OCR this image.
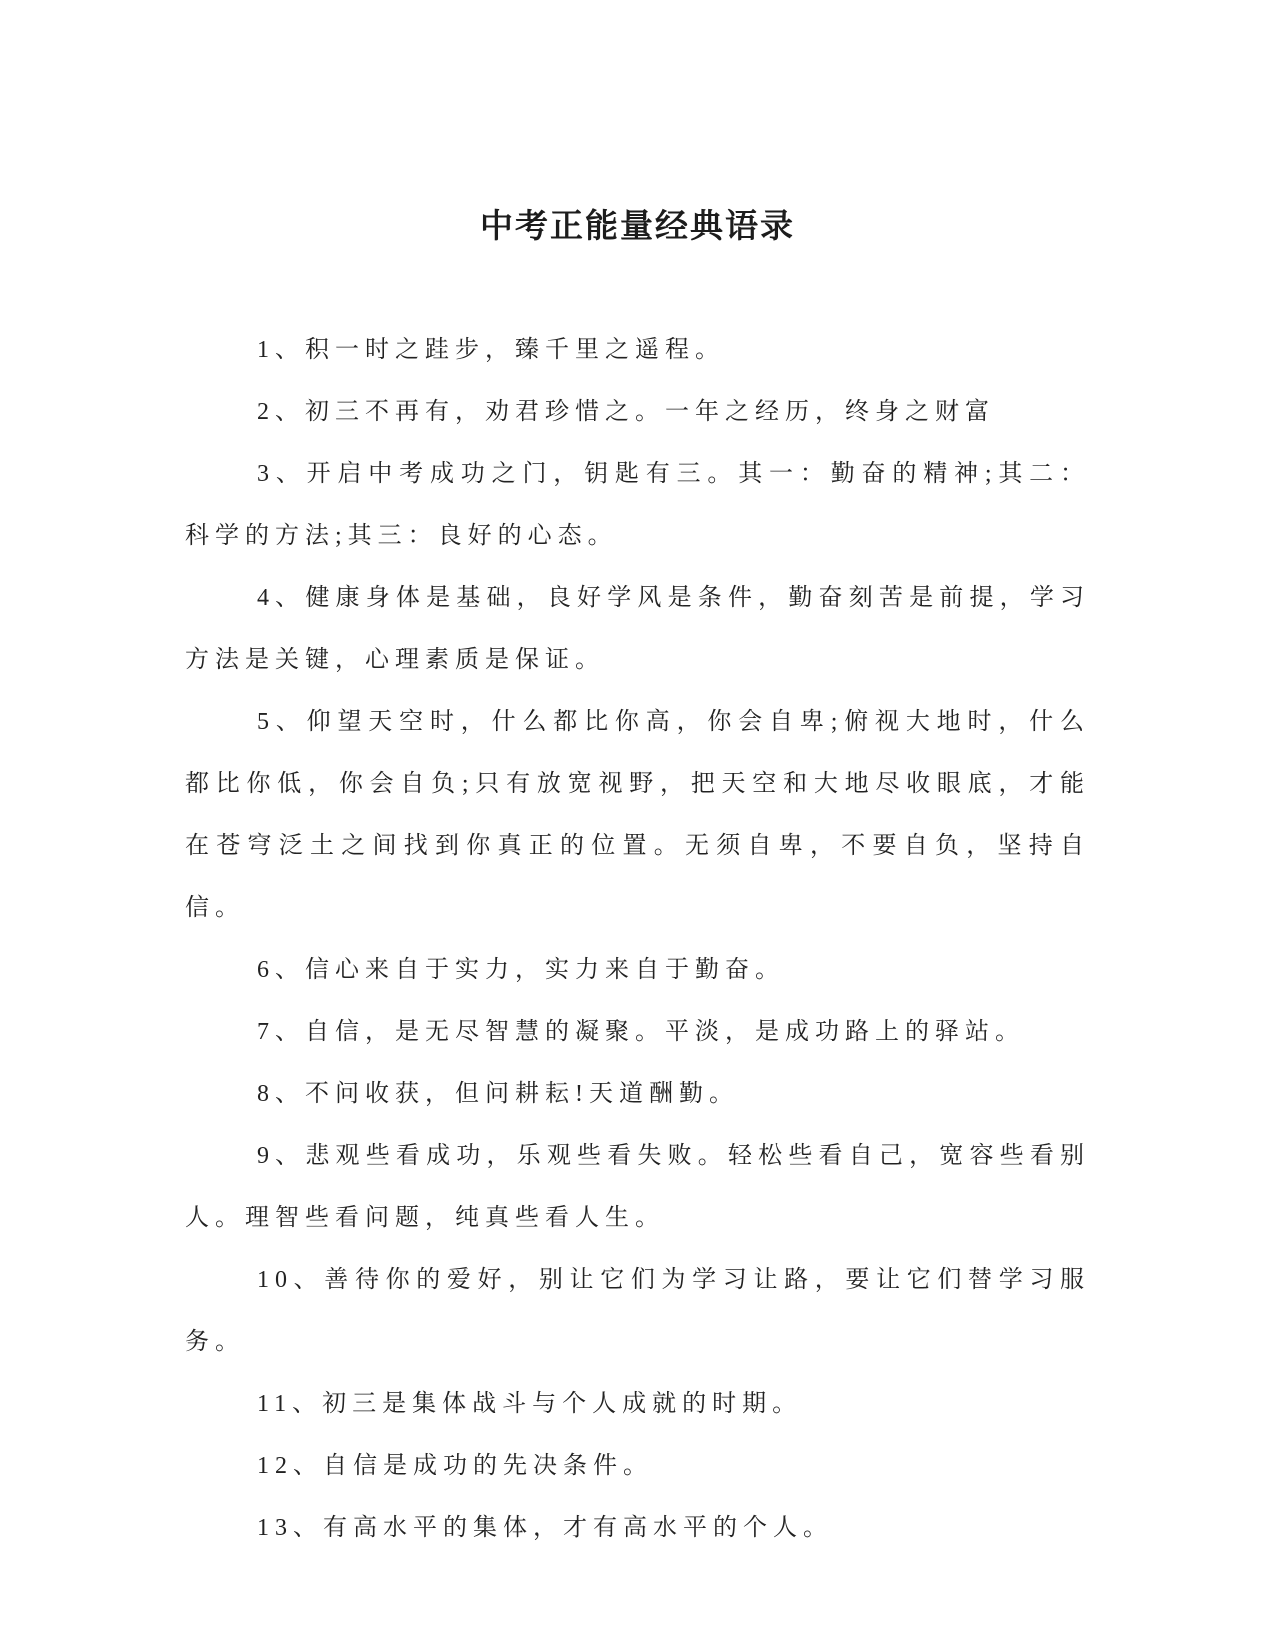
中考正能量经典语录

1、积一时之跬步，臻千里之遥程。

2、初三不再有，劝君珍惜之。一年之经历，终身之财富

3、开启中考成功之门，钥匙有三。其一：勤奋的精神;其二：科学的方法;其三：良好的心态。

4、健康身体是基础，良好学风是条件，勤奋刻苦是前提，学习方法是关键，心理素质是保证。

5、仰望天空时，什么都比你高，你会自卑;俯视大地时，什么都比你低，你会自负;只有放宽视野，把天空和大地尽收眼底，才能在苍穹泛土之间找到你真正的位置。无须自卑，不要自负，坚持自信。

6、信心来自于实力，实力来自于勤奋。

7、自信，是无尽智慧的凝聚。平淡，是成功路上的驿站。

8、不问收获，但问耕耘!天道酬勤。

9、悲观些看成功，乐观些看失败。轻松些看自己，宽容些看别人。理智些看问题，纯真些看人生。

10、善待你的爱好，别让它们为学习让路，要让它们替学习服务。

11、初三是集体战斗与个人成就的时期。

12、自信是成功的先决条件。

13、有高水平的集体，才有高水平的个人。
